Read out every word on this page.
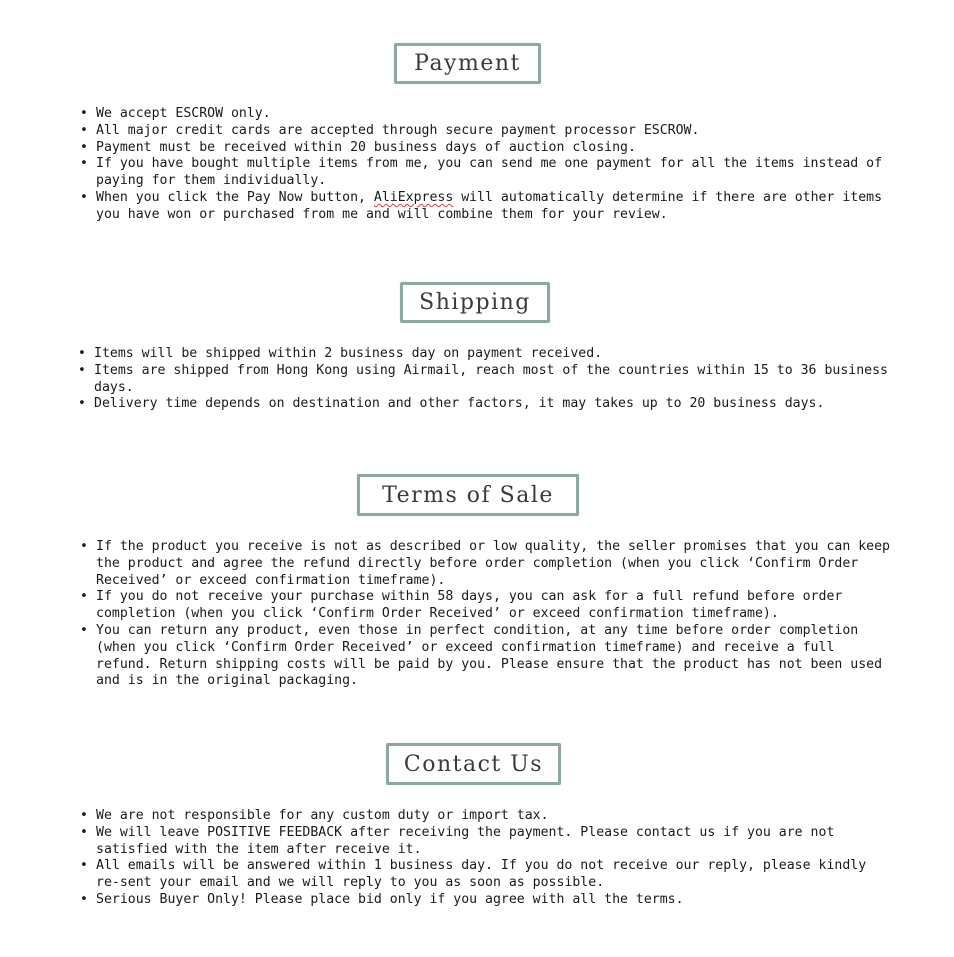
Payment
• We accept ESCROW only.
• All major credit cards are accepted through secure payment processor ESCROW.
• Payment must be received within 20 business days of auction closing.
• If you have bought multiple items from me, you can send me one payment for all the items instead of paying for them individually.
• When you click the Pay Now button, AliExpress will automatically determine if there are other items you have won or purchased from me and will combine them for your review.
Shipping
• Items will be shipped within 2 business day on payment received.
• Items are shipped from Hong Kong using Airmail, reach most of the countries within 15 to 36 business days.
• Delivery time depends on destination and other factors, it may takes up to 20 business days.
Terms of Sale
• If the product you receive is not as described or low quality, the seller promises that you can keep the product and agree the refund directly before order completion (when you click ‘Confirm Order Received’ or exceed confirmation timeframe).
• If you do not receive your purchase within 58 days, you can ask for a full refund before order completion (when you click ‘Confirm Order Received’ or exceed confirmation timeframe).
• You can return any product, even those in perfect condition, at any time before order completion (when you click ‘Confirm Order Received’ or exceed confirmation timeframe) and receive a full refund. Return shipping costs will be paid by you. Please ensure that the product has not been used and is in the original packaging.
Contact Us
• We are not responsible for any custom duty or import tax.
• We will leave POSITIVE FEEDBACK after receiving the payment. Please contact us if you are not satisfied with the item after receive it.
• All emails will be answered within 1 business day. If you do not receive our reply, please kindly re-sent your email and we will reply to you as soon as possible.
• Serious Buyer Only! Please place bid only if you agree with all the terms.
